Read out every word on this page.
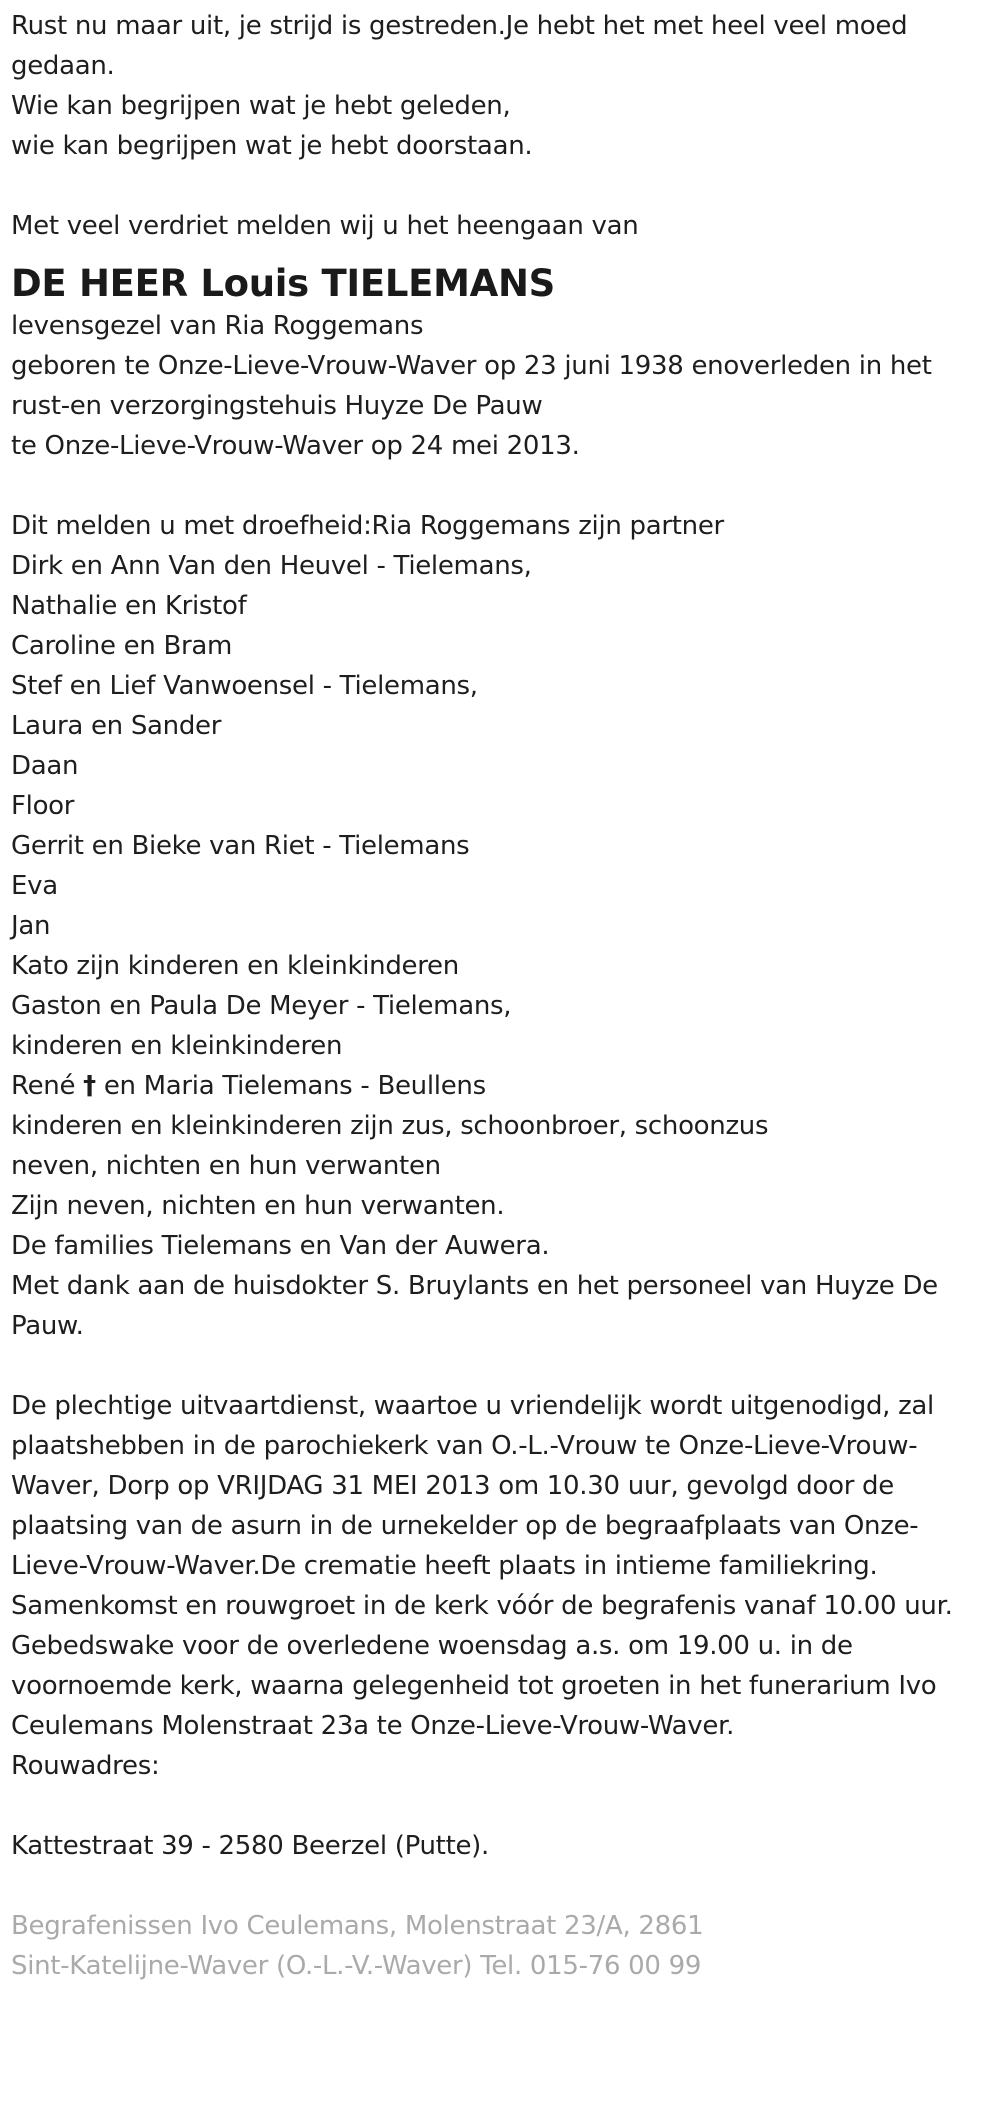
Rust nu maar uit, je strijd is gestreden.Je hebt het met heel veel moed gedaan.
Wie kan begrijpen wat je hebt geleden,
wie kan begrijpen wat je hebt doorstaan.
Met veel verdriet melden wij u het heengaan van
DE HEER Louis TIELEMANS
levensgezel van Ria Roggemans
geboren te Onze-Lieve-Vrouw-Waver op 23 juni 1938 enoverleden in het rust-en verzorgingstehuis Huyze De Pauw
te Onze-Lieve-Vrouw-Waver op 24 mei 2013.
Dit melden u met droefheid:Ria Roggemans zijn partner
Dirk en Ann Van den Heuvel - Tielemans,
Nathalie en Kristof
Caroline en Bram
Stef en Lief Vanwoensel - Tielemans,
Laura en Sander
Daan
Floor
Gerrit en Bieke van Riet - Tielemans
Eva
Jan
Kato zijn kinderen en kleinkinderen
Gaston en Paula De Meyer - Tielemans,
kinderen en kleinkinderen
René † en Maria Tielemans - Beullens
kinderen en kleinkinderen zijn zus, schoonbroer, schoonzus
neven, nichten en hun verwanten
Zijn neven, nichten en hun verwanten.
De families Tielemans en Van der Auwera.
Met dank aan de huisdokter S. Bruylants en het personeel van Huyze De Pauw.
De plechtige uitvaartdienst, waartoe u vriendelijk wordt uitgenodigd, zal plaatshebben in de parochiekerk van O.-L.-Vrouw te Onze-Lieve-Vrouw-Waver, Dorp op VRIJDAG 31 MEI 2013 om 10.30 uur, gevolgd door de plaatsing van de asurn in de urnekelder op de begraafplaats van Onze-Lieve-Vrouw-Waver.De crematie heeft plaats in intieme familiekring.
Samenkomst en rouwgroet in de kerk vóór de begrafenis vanaf 10.00 uur.
Gebedswake voor de overledene woensdag a.s. om 19.00 u. in de voornoemde kerk, waarna gelegenheid tot groeten in het funerarium Ivo Ceulemans Molenstraat 23a te Onze-Lieve-Vrouw-Waver.
Rouwadres:
Kattestraat 39 - 2580 Beerzel (Putte).
Begrafenissen Ivo Ceulemans, Molenstraat 23/A, 2861
Sint-Katelijne-Waver (O.-L.-V.-Waver) Tel. 015-76 00 99
